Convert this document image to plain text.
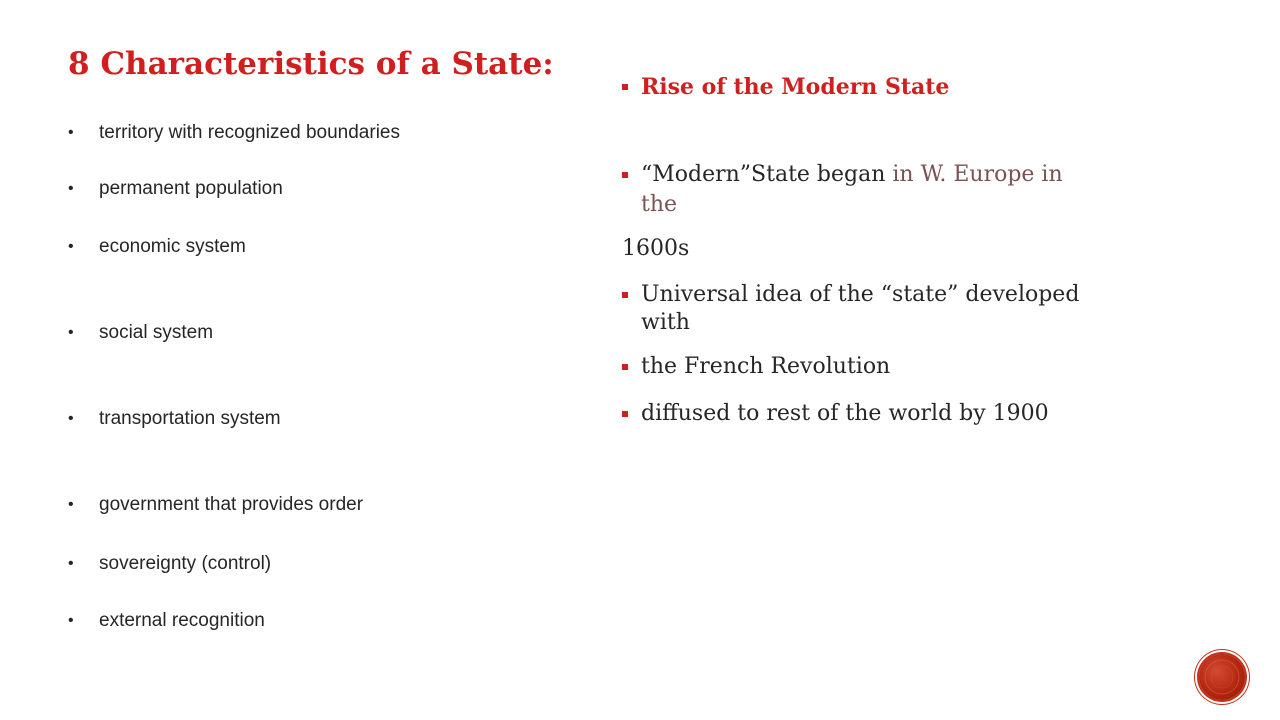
8 Characteristics of a State:
• territory with recognized boundaries
• permanent population
• economic system
• social system
• transportation system
• government that provides order
• sovereignty (control)
• external recognition
Rise of the Modern State
“Modern”State began in W. Europe in
the
1600s
Universal idea of the “state” developed
with
the French Revolution
diffused to rest of the world by 1900
